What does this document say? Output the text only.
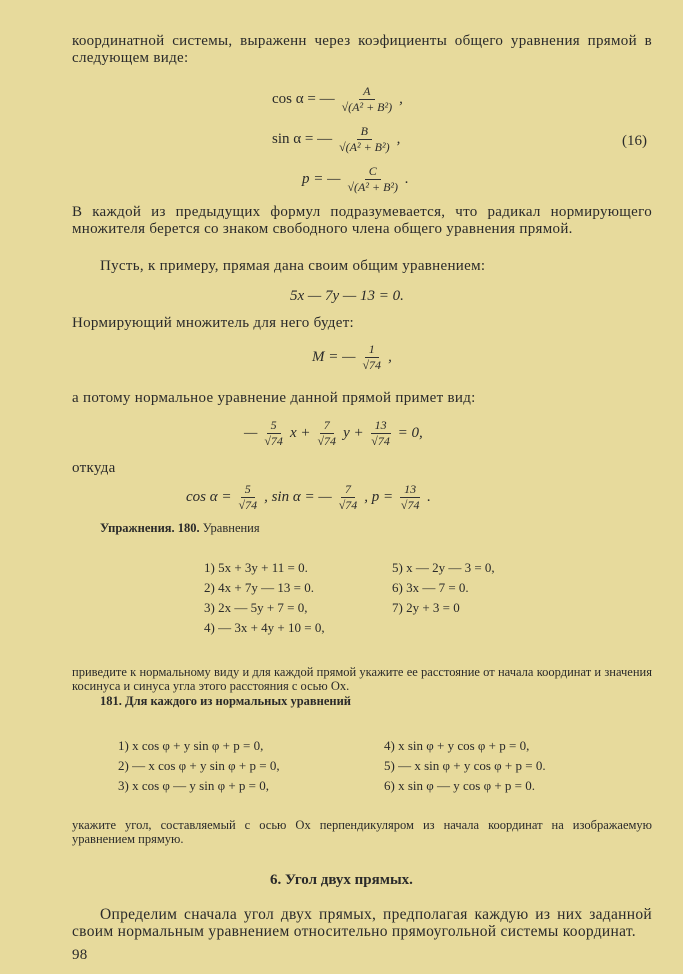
координатной системы, выраженн через коэфициенты общего уравнения прямой в следующем виде:
cos α = —	A
√(A² + B²) ,
sin α = —	B
√(A² + B²) ,
p = —	C
√(A² + B²) .
(16)
В каждой из предыдущих формул подразумевается, что радикал нормирующего множителя берется со знаком свободного члена общего уравнения прямой.
Пусть, к примеру, прямая дана своим общим уравнением:
5x — 7y — 13 = 0.
Нормирующий множитель для него будет:
M = —	1
√74 ,
а потому нормальное уравнение данной прямой примет вид:
—	5
√74 $x + \frac{7}{√74}$ $y + \frac{13}{√74} = 0$,
откуда
$\cos \alpha = \frac{5}{√74}$ , sin α = —	7
√74 , $p = \frac{13}{√74}$ .
Упражнения. 180. Уравнения
1) 5x + 3y + 11 = 0.
2) 4x + 7y — 13 = 0.
3) 2x — 5y + 7 = 0,
4) — 3x + 4y + 10 = 0,
5) x — 2y — 3 = 0,
6) 3x — 7 = 0.
7) 2y + 3 = 0
приведите к нормальному виду и для каждой прямой укажите ее расстояние от начала координат и значения косинуса и синуса угла этого расстояния с осью Ox.
181. Для каждого из нормальных уравнений
1) x cos φ + y sin φ + p = 0,
2) — x cos φ + y sin φ + p = 0,
3) x cos φ — y sin φ + p = 0,
4) x sin φ + y cos φ + p = 0,
5) — x sin φ + y cos φ + p = 0.
6) x sin φ — y cos φ + p = 0.
укажите угол, составляемый с осью Ox перпендикуляром из начала координат на изображаемую уравнением прямую.
6. Угол двух прямых.
Определим сначала угол двух прямых, предполагая каждую из них заданной своим нормальным уравнением относительно прямоугольной системы координат.
98
